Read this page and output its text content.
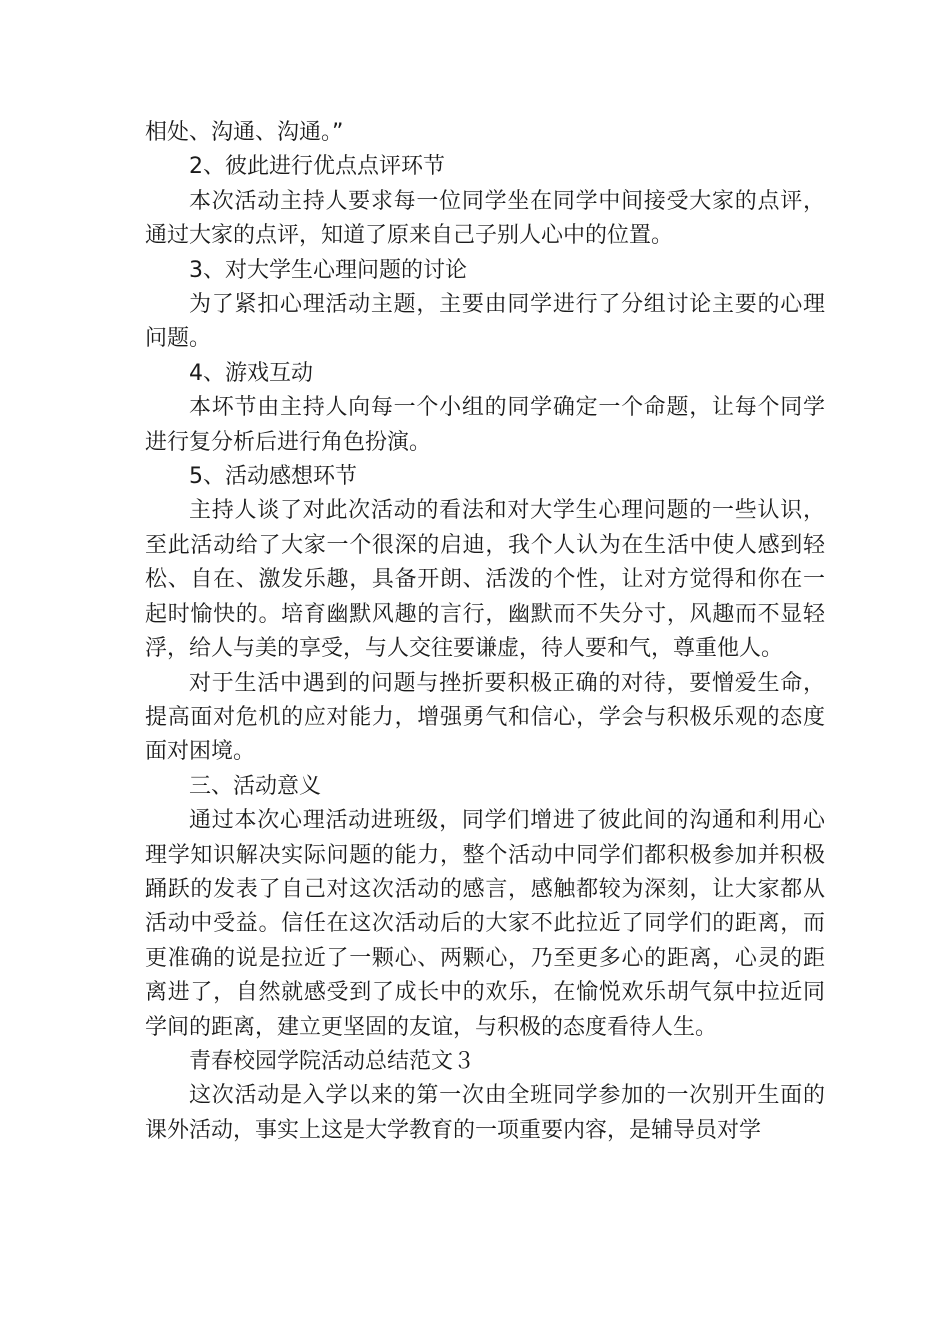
相处、沟通、沟通。”

2、彼此进行优点点评环节

本次活动主持人要求每一位同学坐在同学中间接受大家的点评，通过大家的点评，知道了原来自己子别人心中的位置。

3、对大学生心理问题的讨论

为了紧扣心理活动主题，主要由同学进行了分组讨论主要的心理问题。

4、游戏互动

本坏节由主持人向每一个小组的同学确定一个命题，让每个同学进行复分析后进行角色扮演。

5、活动感想环节

主持人谈了对此次活动的看法和对大学生心理问题的一些认识，至此活动给了大家一个很深的启迪，我个人认为在生活中使人感到轻松、自在、激发乐趣，具备开朗、活泼的个性，让对方觉得和你在一起时愉快的。培育幽默风趣的言行，幽默而不失分寸，风趣而不显轻浮，给人与美的享受，与人交往要谦虚，待人要和气，尊重他人。

对于生活中遇到的问题与挫折要积极正确的对待，要憎爱生命，提高面对危机的应对能力，增强勇气和信心，学会与积极乐观的态度面对困境。

三、活动意义

通过本次心理活动进班级，同学们增进了彼此间的沟通和利用心理学知识解决实际问题的能力，整个活动中同学们都积极参加并积极踊跃的发表了自己对这次活动的感言，感触都较为深刻，让大家都从活动中受益。信任在这次活动后的大家不此拉近了同学们的距离，而更准确的说是拉近了一颗心、两颗心，乃至更多心的距离，心灵的距离进了，自然就感受到了成长中的欢乐，在愉悦欢乐胡气氛中拉近同学间的距离，建立更坚固的友谊，与积极的态度看待人生。

青春校园学院活动总结范文３

这次活动是入学以来的第一次由全班同学参加的一次别开生面的课外活动，事实上这是大学教育的一项重要内容，是辅导员对学
